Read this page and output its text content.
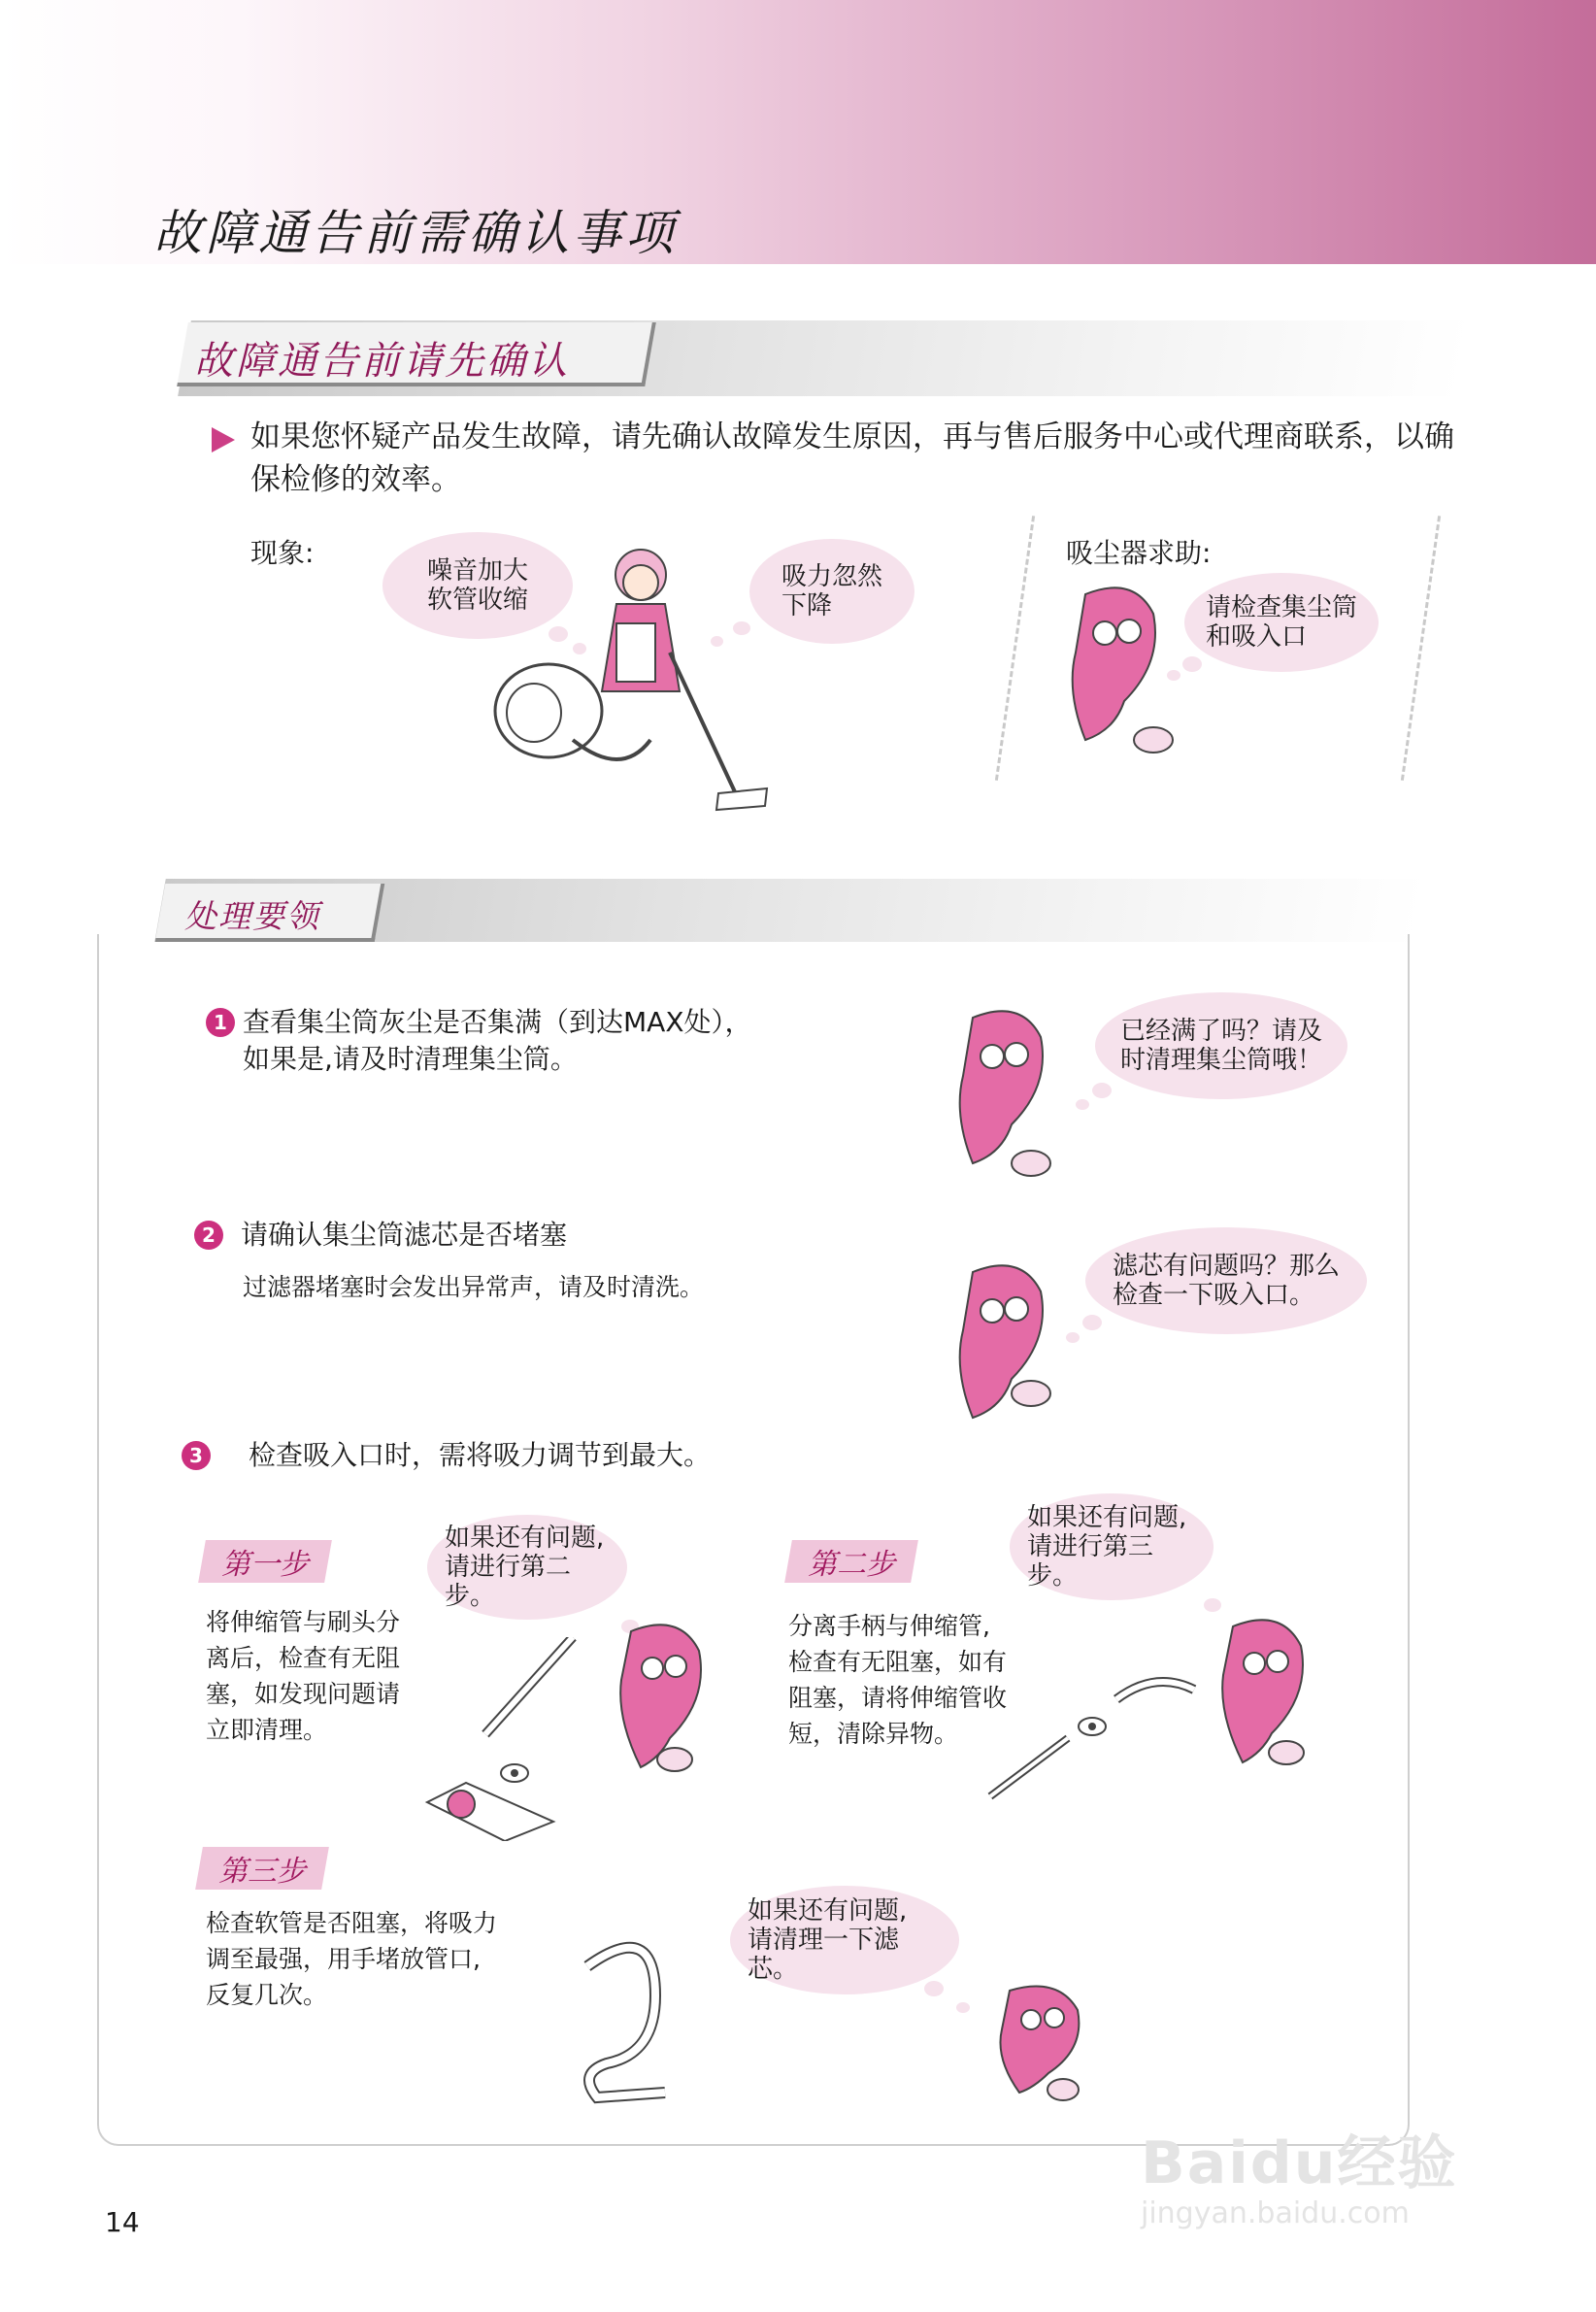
故障通告前需确认事项
故障通告前请先确认
如果您怀疑产品发生故障，请先确认故障发生原因，再与售后服务中心或代理商联系，以确保检修的效率。
现象:
噪音加大
软管收缩
吸力忽然
下降
吸尘器求助:
请检查集尘筒
和吸入口
处理要领
1 查看集尘筒灰尘是否集满（到达MAX处），
如果是,请及时清理集尘筒。
已经满了吗？请及
时清理集尘筒哦！
2 请确认集尘筒滤芯是否堵塞
过滤器堵塞时会发出异常声，请及时清洗。
滤芯有问题吗？那么
检查一下吸入口。
3 检查吸入口时，需将吸力调节到最大。
第一步
将伸缩管与刷头分
离后，检查有无阻
塞，如发现问题请
立即清理。
如果还有问题,
请进行第二步。
第二步
分离手柄与伸缩管,
检查有无阻塞，如有
阻塞，请将伸缩管收
短，清除异物。
如果还有问题,
请进行第三步。
第三步
检查软管是否阻塞，将吸力
调至最强，用手堵放管口,
反复几次。
如果还有问题,
请清理一下滤芯。
14
Baidu经验
jingyan.baidu.com
